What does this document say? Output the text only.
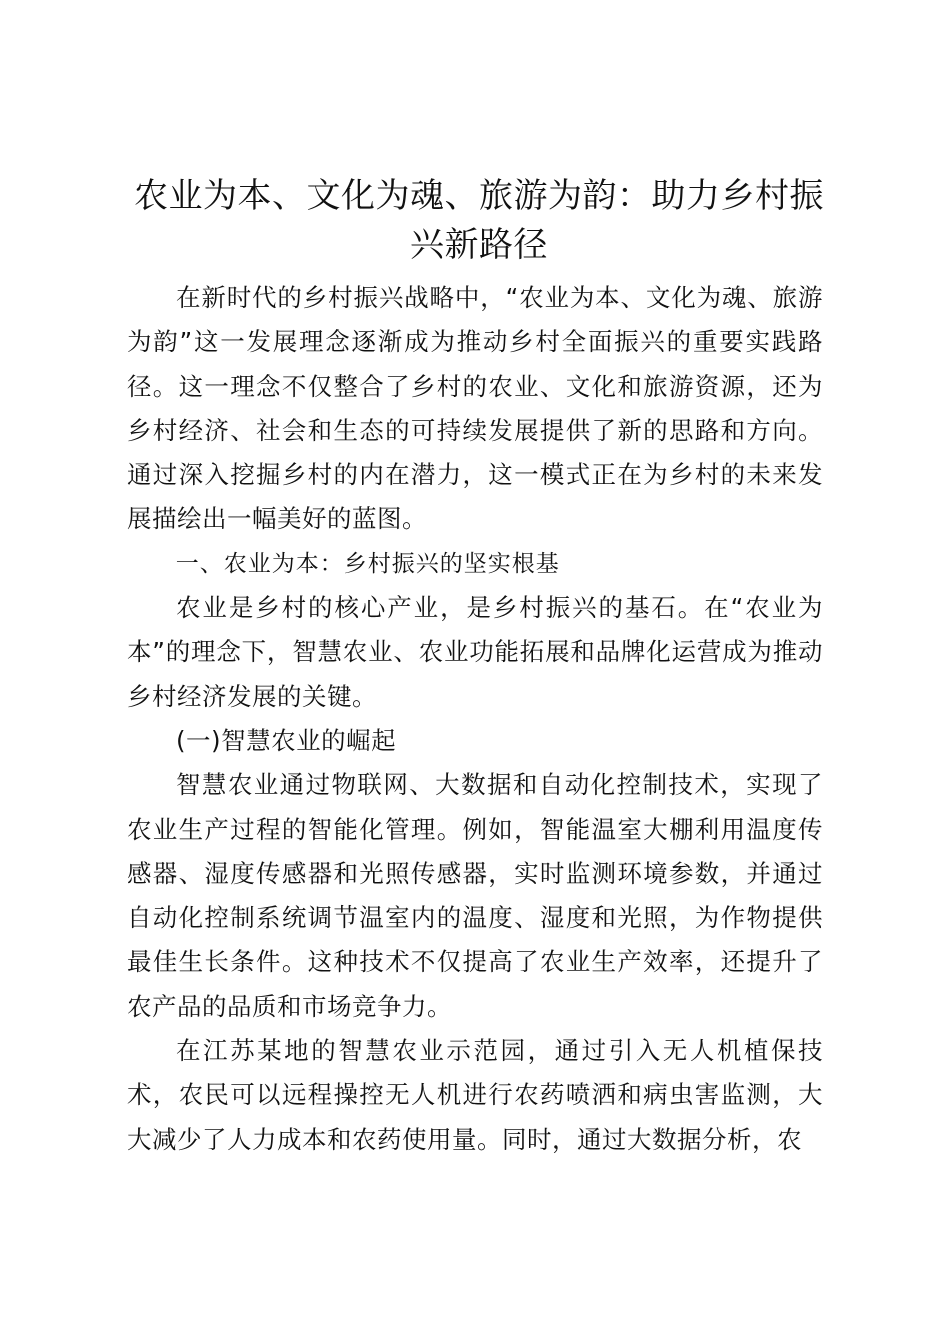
农业为本、文化为魂、旅游为韵：助力乡村振兴新路径

在新时代的乡村振兴战略中，“农业为本、文化为魂、旅游为韵”这一发展理念逐渐成为推动乡村全面振兴的重要实践路径。这一理念不仅整合了乡村的农业、文化和旅游资源，还为乡村经济、社会和生态的可持续发展提供了新的思路和方向。通过深入挖掘乡村的内在潜力，这一模式正在为乡村的未来发展描绘出一幅美好的蓝图。

一、农业为本：乡村振兴的坚实根基

农业是乡村的核心产业，是乡村振兴的基石。在“农业为本”的理念下，智慧农业、农业功能拓展和品牌化运营成为推动乡村经济发展的关键。

(一)智慧农业的崛起

智慧农业通过物联网、大数据和自动化控制技术，实现了农业生产过程的智能化管理。例如，智能温室大棚利用温度传感器、湿度传感器和光照传感器，实时监测环境参数，并通过自动化控制系统调节温室内的温度、湿度和光照，为作物提供最佳生长条件。这种技术不仅提高了农业生产效率，还提升了农产品的品质和市场竞争力。

在江苏某地的智慧农业示范园，通过引入无人机植保技术，农民可以远程操控无人机进行农药喷洒和病虫害监测，大大减少了人力成本和农药使用量。同时，通过大数据分析，农
